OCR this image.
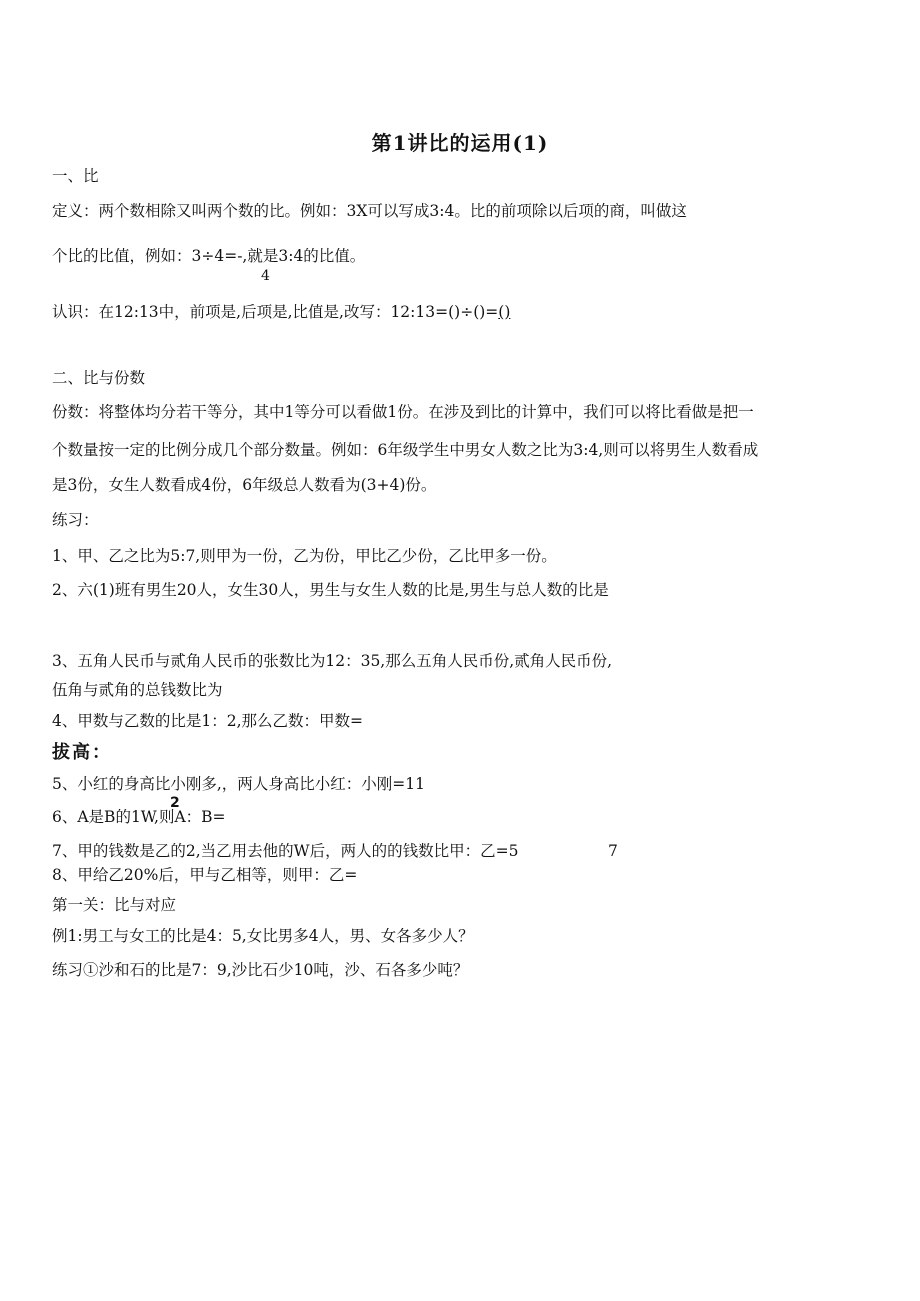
第1讲比的运用(1)
一、比
定义：两个数相除又叫两个数的比。例如：3X可以写成3:4。比的前项除以后项的商，叫做这
个比的比值，例如：3÷4=-,就是3:4的比值。
4
认识：在12:13中，前项是,后项是,比值是,改写：12:13=()÷()=()
二、比与份数
份数：将整体均分若干等分，其中1等分可以看做1份。在涉及到比的计算中，我们可以将比看做是把一
个数量按一定的比例分成几个部分数量。例如：6年级学生中男女人数之比为3:4,则可以将男生人数看成
是3份，女生人数看成4份，6年级总人数看为(3+4)份。
练习：
1、甲、乙之比为5:7,则甲为一份，乙为份，甲比乙少份，乙比甲多一份。
2、六(1)班有男生20人，女生30人，男生与女生人数的比是,男生与总人数的比是
3、五角人民币与贰角人民币的张数比为12：35,那么五角人民币份,贰角人民币份,
伍角与贰角的总钱数比为
4、甲数与乙数的比是1：2,那么乙数：甲数=
拔高：
5、小红的身高比小刚多,，两人身高比小红：小刚=11
2
6、A是B的1W,则A：B=
7、甲的钱数是乙的2,当乙用去他的W后，两人的的钱数比甲：乙=5	7
8、甲给乙20%后，甲与乙相等，则甲：乙=
第一关：比与对应
例1:男工与女工的比是4：5,女比男多4人，男、女各多少人？
练习①沙和石的比是7：9,沙比石少10吨，沙、石各多少吨？
